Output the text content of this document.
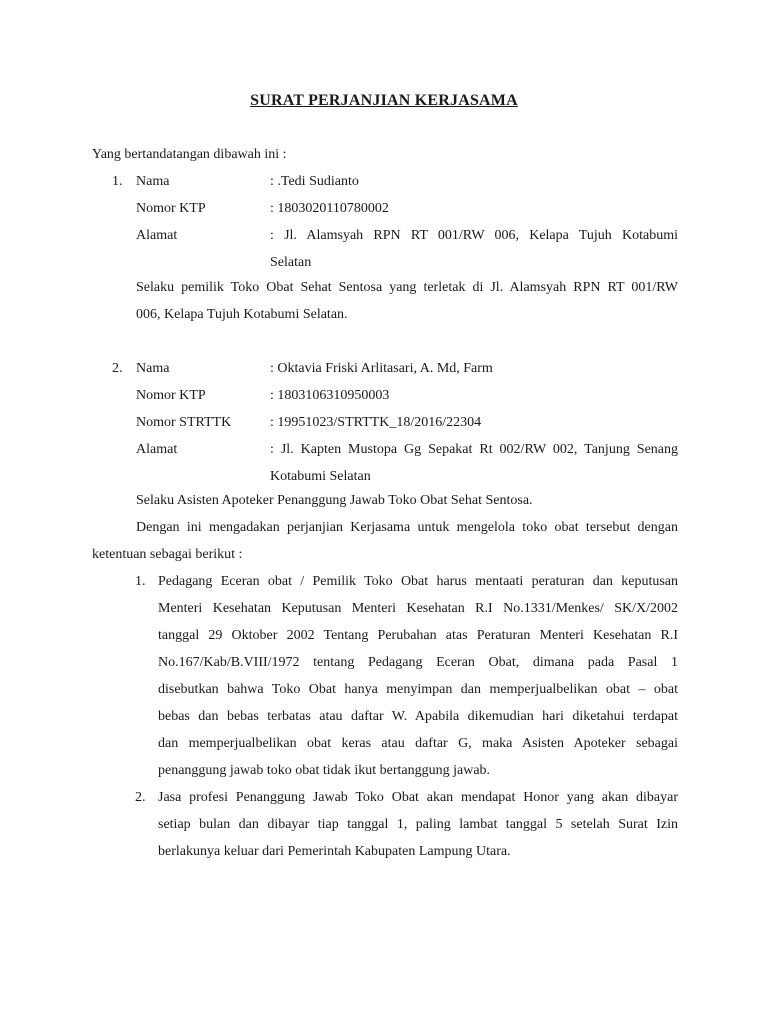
SURAT PERJANJIAN KERJASAMA
Yang bertandatangan dibawah ini :
1. Nama	: .Tedi Sudianto
Nomor KTP	: 1803020110780002
Alamat	: Jl. Alamsyah RPN RT 001/RW 006, Kelapa Tujuh Kotabumi
Selatan
Selaku pemilik Toko Obat Sehat Sentosa yang terletak di Jl. Alamsyah RPN RT 001/RW
006, Kelapa Tujuh Kotabumi Selatan.
2. Nama	: Oktavia Friski Arlitasari, A. Md, Farm
Nomor KTP	: 1803106310950003
Nomor STRTTK	: 19951023/STRTTK_18/2016/22304
Alamat	: Jl. Kapten Mustopa Gg Sepakat Rt 002/RW 002, Tanjung Senang
Kotabumi Selatan
Selaku Asisten Apoteker Penanggung Jawab Toko Obat Sehat Sentosa.
Dengan ini mengadakan perjanjian Kerjasama untuk mengelola toko obat tersebut dengan
ketentuan sebagai berikut :
1. Pedagang Eceran obat / Pemilik Toko Obat harus mentaati peraturan dan keputusan
Menteri Kesehatan Keputusan Menteri Kesehatan R.I No.1331/Menkes/ SK/X/2002
tanggal 29 Oktober 2002 Tentang Perubahan atas Peraturan Menteri Kesehatan R.I
No.167/Kab/B.VIII/1972 tentang Pedagang Eceran Obat, dimana pada Pasal 1
disebutkan bahwa Toko Obat hanya menyimpan dan memperjualbelikan obat – obat
bebas dan bebas terbatas atau daftar W. Apabila dikemudian hari diketahui terdapat
dan memperjualbelikan obat keras atau daftar G, maka Asisten Apoteker sebagai
penanggung jawab toko obat tidak ikut bertanggung jawab.
2. Jasa profesi Penanggung Jawab Toko Obat akan mendapat Honor yang akan dibayar
setiap bulan dan dibayar tiap tanggal 1, paling lambat tanggal 5 setelah Surat Izin
berlakunya keluar dari Pemerintah Kabupaten Lampung Utara.
